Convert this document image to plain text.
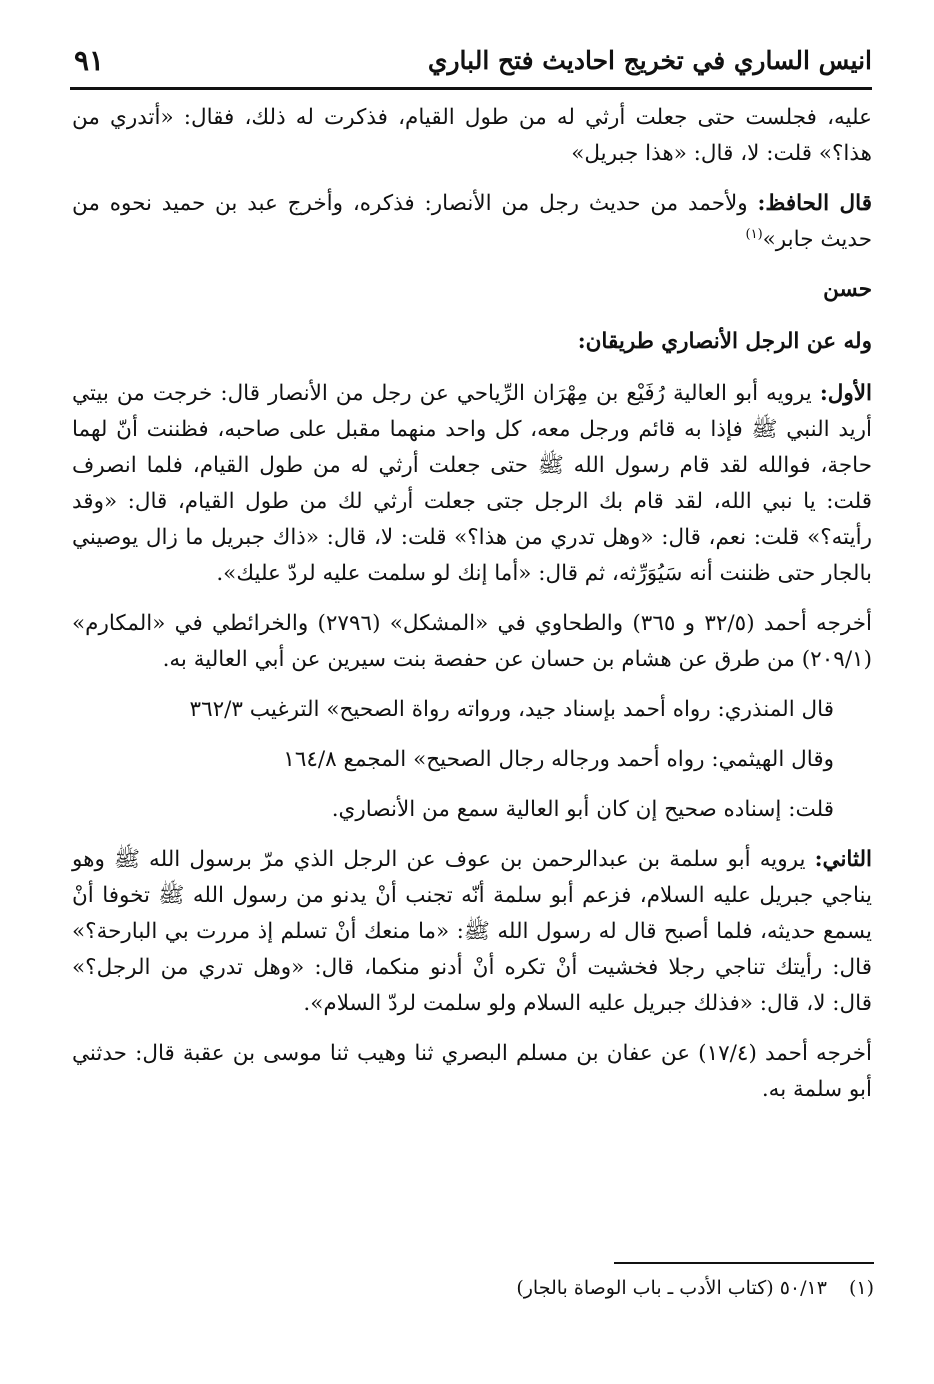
انيس الساري في تخريج احاديث فتح الباري
٩١

عليه، فجلست حتى جعلت أرثي له من طول القيام، فذكرت له ذلك، فقال: «أتدري من هذا؟» قلت: لا، قال: «هذا جبريل»

قال الحافظ: ولأحمد من حديث رجل من الأنصار: فذكره، وأخرج عبد بن حميد نحوه من حديث جابر»$^{(١)}$

حسن

وله عن الرجل الأنصاري طريقان:

الأول: يرويه أبو العالية رُفَيْع بن مِهْرَان الرِّياحي عن رجل من الأنصار قال: خرجت من بيتي أريد النبي ﷺ فإذا به قائم ورجل معه، كل واحد منهما مقبل على صاحبه، فظننت أنّ لهما حاجة، فوالله لقد قام رسول الله ﷺ حتى جعلت أرثي له من طول القيام، فلما انصرف قلت: يا نبي الله، لقد قام بك الرجل جتى جعلت أرثي لك من طول القيام، قال: «وقد رأيته؟» قلت: نعم، قال: «وهل تدري من هذا؟» قلت: لا، قال: «ذاك جبريل ما زال يوصيني بالجار حتى ظننت أنه سَيُوَرِّثه، ثم قال: «أما إنك لو سلمت عليه لردّ عليك».

أخرجه أحمد (٣٢/٥ و ٣٦٥) والطحاوي في «المشكل» (٢٧٩٦) والخرائطي في «المكارم» (٢٠٩/١) من طرق عن هشام بن حسان عن حفصة بنت سيرين عن أبي العالية به.

قال المنذري: رواه أحمد بإسناد جيد، ورواته رواة الصحيح» الترغيب ٣٦٢/٣

وقال الهيثمي: رواه أحمد ورجاله رجال الصحيح» المجمع ١٦٤/٨

قلت: إسناده صحيح إن كان أبو العالية سمع من الأنصاري.

الثاني: يرويه أبو سلمة بن عبدالرحمن بن عوف عن الرجل الذي مرّ برسول الله ﷺ وهو يناجي جبريل عليه السلام، فزعم أبو سلمة أنّه تجنب أنْ يدنو من رسول الله ﷺ تخوفا أنْ يسمع حديثه، فلما أصبح قال له رسول الله ﷺ: «ما منعك أنْ تسلم إذ مررت بي البارحة؟» قال: رأيتك تناجي رجلا فخشيت أنْ تكره أنْ أدنو منكما، قال: «وهل تدري من الرجل؟» قال: لا، قال: «فذلك جبريل عليه السلام ولو سلمت لردّ السلام».

أخرجه أحمد (١٧/٤) عن عفان بن مسلم البصري ثنا وهيب ثنا موسى بن عقبة قال: حدثني أبو سلمة به.

(١)٥٠/١٣ (كتاب الأدب ـ باب الوصاة بالجار)
